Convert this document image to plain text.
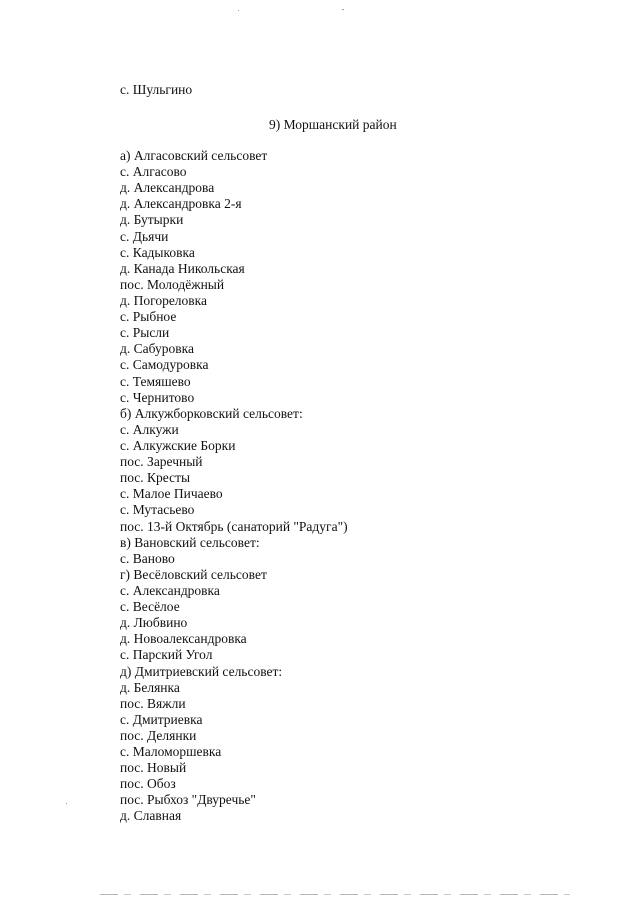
с. Шульгино
9) Моршанский район
а) Алгасовский сельсовет
с. Алгасово
д. Александрова
д. Александровка 2-я
д. Бутырки
с. Дьячи
с. Кадыковка
д. Канада Никольская
пос. Молодёжный
д. Погореловка
с. Рыбное
с. Рысли
д. Сабуровка
с. Самодуровка
с. Темяшево
с. Чернитово
б) Алкужборковский сельсовет:
с. Алкужи
с. Алкужские Борки
пос. Заречный
пос. Кресты
с. Малое Пичаево
с. Мутасьево
пос. 13-й Октябрь (санаторий "Радуга")
в) Вановский сельсовет:
с. Ваново
г) Весёловский сельсовет
с. Александровка
с. Весёлое
д. Любвино
д. Новоалександровка
с. Парский Угол
д) Дмитриевский сельсовет:
д. Белянка
пос. Вяжли
с. Дмитриевка
пос. Делянки
с. Маломоршевка
пос. Новый
пос. Обоз
пос. Рыбхоз "Двуречье"
д. Славная
